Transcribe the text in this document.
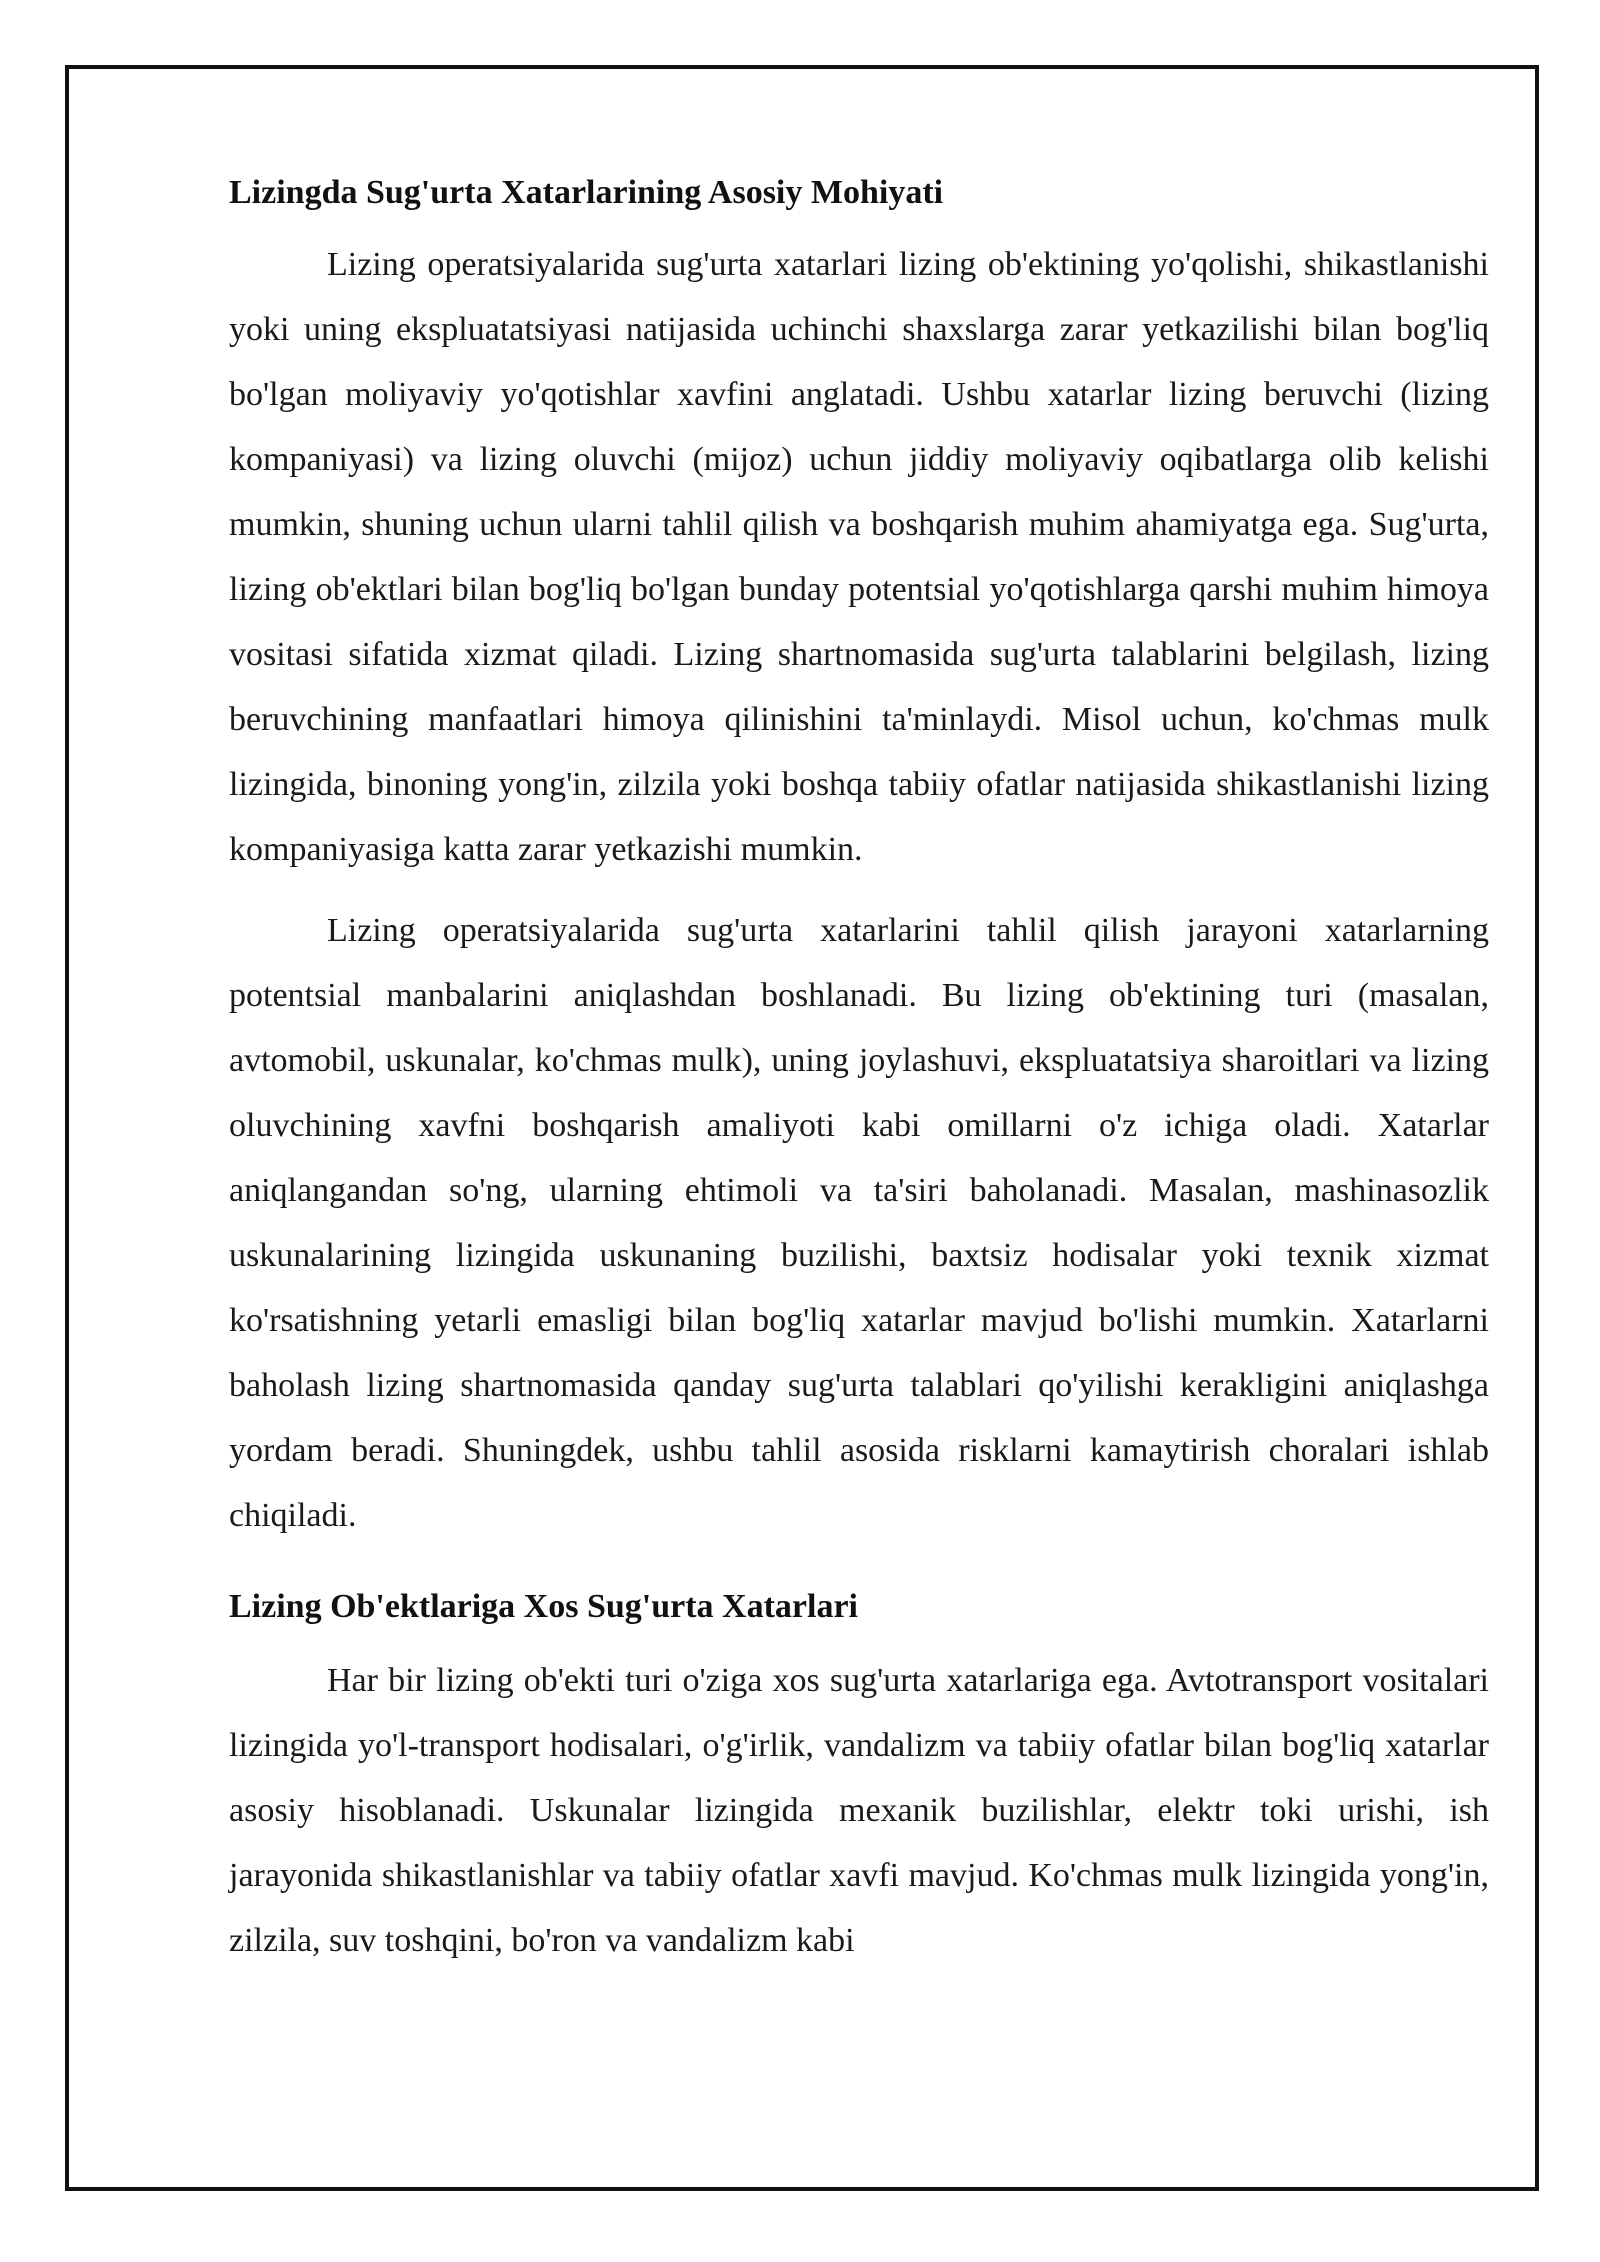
Lizingda Sug'urta Xatarlarining Asosiy Mohiyati

Lizing operatsiyalarida sug'urta xatarlari lizing ob'ektining yo'qolishi, shikastlanishi yoki uning ekspluatatsiyasi natijasida uchinchi shaxslarga zarar yetkazilishi bilan bog'liq bo'lgan moliyaviy yo'qotishlar xavfini anglatadi. Ushbu xatarlar lizing beruvchi (lizing kompaniyasi) va lizing oluvchi (mijoz) uchun jiddiy moliyaviy oqibatlarga olib kelishi mumkin, shuning uchun ularni tahlil qilish va boshqarish muhim ahamiyatga ega. Sug'urta, lizing ob'ektlari bilan bog'liq bo'lgan bunday potentsial yo'qotishlarga qarshi muhim himoya vositasi sifatida xizmat qiladi. Lizing shartnomasida sug'urta talablarini belgilash, lizing beruvchining manfaatlari himoya qilinishini ta'minlaydi. Misol uchun, ko'chmas mulk lizingida, binoning yong'in, zilzila yoki boshqa tabiiy ofatlar natijasida shikastlanishi lizing kompaniyasiga katta zarar yetkazishi mumkin.

Lizing operatsiyalarida sug'urta xatarlarini tahlil qilish jarayoni xatarlarning potentsial manbalarini aniqlashdan boshlanadi. Bu lizing ob'ektining turi (masalan, avtomobil, uskunalar, ko'chmas mulk), uning joylashuvi, ekspluatatsiya sharoitlari va lizing oluvchining xavfni boshqarish amaliyoti kabi omillarni o'z ichiga oladi. Xatarlar aniqlangandan so'ng, ularning ehtimoli va ta'siri baholanadi. Masalan, mashinasozlik uskunalarining lizingida uskunaning buzilishi, baxtsiz hodisalar yoki texnik xizmat ko'rsatishning yetarli emasligi bilan bog'liq xatarlar mavjud bo'lishi mumkin. Xatarlarni baholash lizing shartnomasida qanday sug'urta talablari qo'yilishi kerakligini aniqlashga yordam beradi. Shuningdek, ushbu tahlil asosida risklarni kamaytirish choralari ishlab chiqiladi.

Lizing Ob'ektlariga Xos Sug'urta Xatarlari

Har bir lizing ob'ekti turi o'ziga xos sug'urta xatarlariga ega. Avtotransport vositalari lizingida yo'l-transport hodisalari, o'g'irlik, vandalizm va tabiiy ofatlar bilan bog'liq xatarlar asosiy hisoblanadi. Uskunalar lizingida mexanik buzilishlar, elektr toki urishi, ish jarayonida shikastlanishlar va tabiiy ofatlar xavfi mavjud. Ko'chmas mulk lizingida yong'in, zilzila, suv toshqini, bo'ron va vandalizm kabi
